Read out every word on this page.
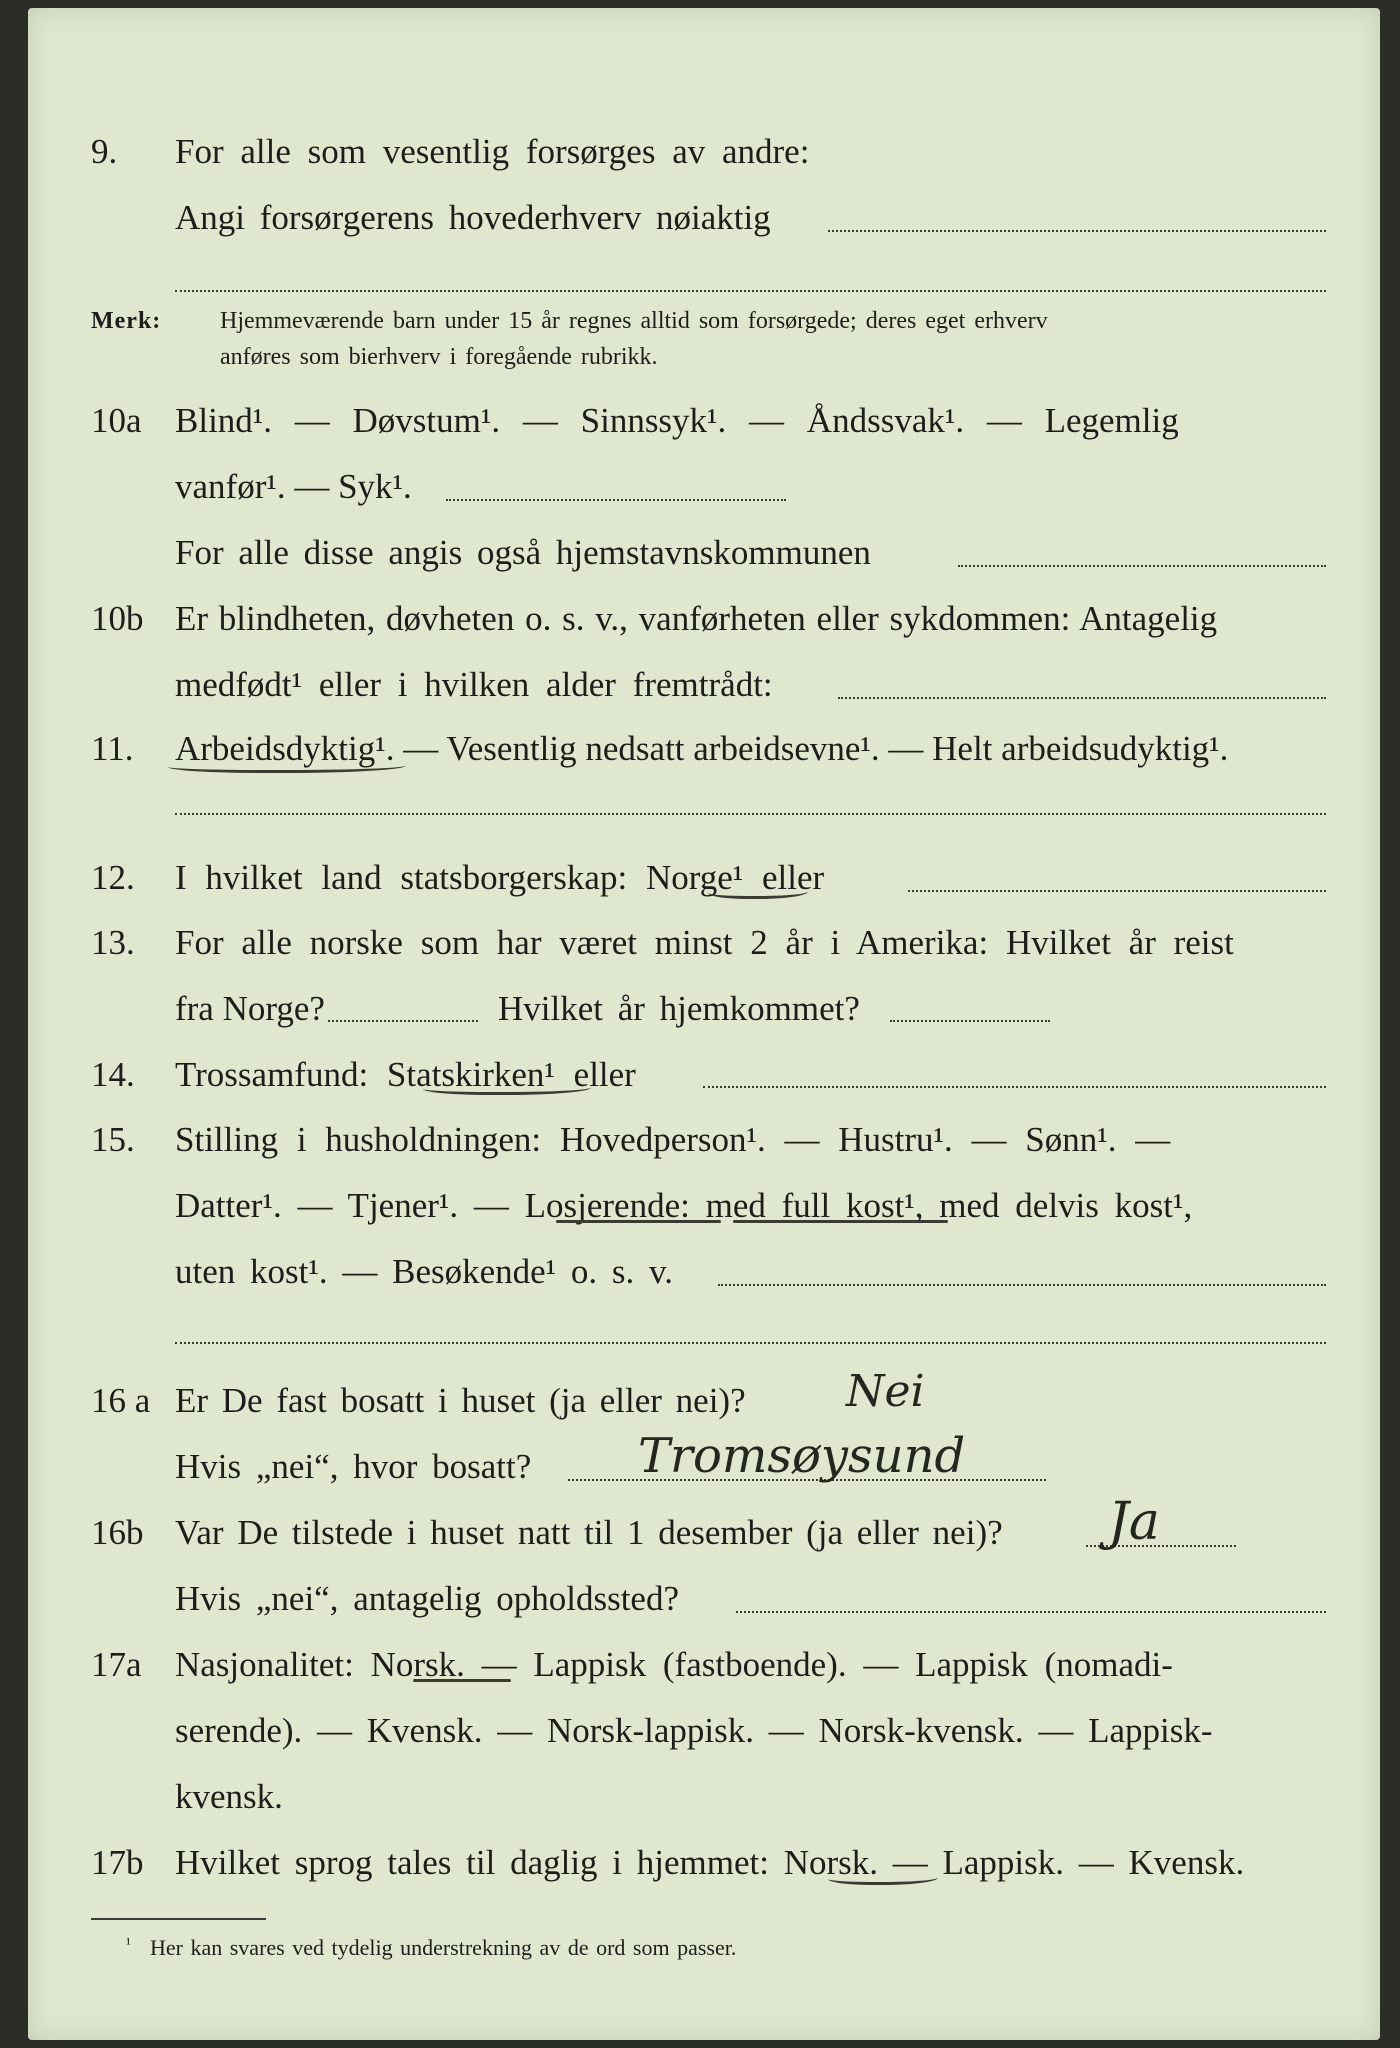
9. For alle som vesentlig forsørges av andre:
Angi forsørgerens hovederhverv nøiaktig
Merk: Hjemmeværende barn under 15 år regnes alltid som forsørgede; deres eget erhverv
anføres som bierhverv i foregående rubrikk.
10a Blind¹. — Døvstum¹. — Sinnssyk¹. — Åndssvak¹. — Legemlig
vanfør¹. — Syk¹.
For alle disse angis også hjemstavnskommunen
10b Er blindheten, døvheten o. s. v., vanførheten eller sykdommen: Antagelig
medfødt¹ eller i hvilken alder fremtrådt:
11. Arbeidsdyktig¹. — Vesentlig nedsatt arbeidsevne¹. — Helt arbeidsudyktig¹.
12. I hvilket land statsborgerskap: Norge¹ eller
13. For alle norske som har været minst 2 år i Amerika: Hvilket år reist
fra Norge?	Hvilket år hjemkommet?
14. Trossamfund: Statskirken¹ eller
15. Stilling i husholdningen: Hovedperson¹. — Hustru¹. — Sønn¹. —
Datter¹. — Tjener¹. — Losjerende: med full kost¹, med delvis kost¹,
uten kost¹. — Besøkende¹ o. s. v.
16 a Er De fast bosatt i huset (ja eller nei)? Nei
Hvis „nei“, hvor bosatt? Tromsøysund
16b Var De tilstede i huset natt til 1 desember (ja eller nei)? Ja
Hvis „nei“, antagelig opholdssted?
17a Nasjonalitet: Norsk. — Lappisk (fastboende). — Lappisk (nomadi-
serende). — Kvensk. — Norsk-lappisk. — Norsk-kvensk. — Lappisk-
kvensk.
17b Hvilket sprog tales til daglig i hjemmet: Norsk. — Lappisk. — Kvensk.
¹ Her kan svares ved tydelig understrekning av de ord som passer.
